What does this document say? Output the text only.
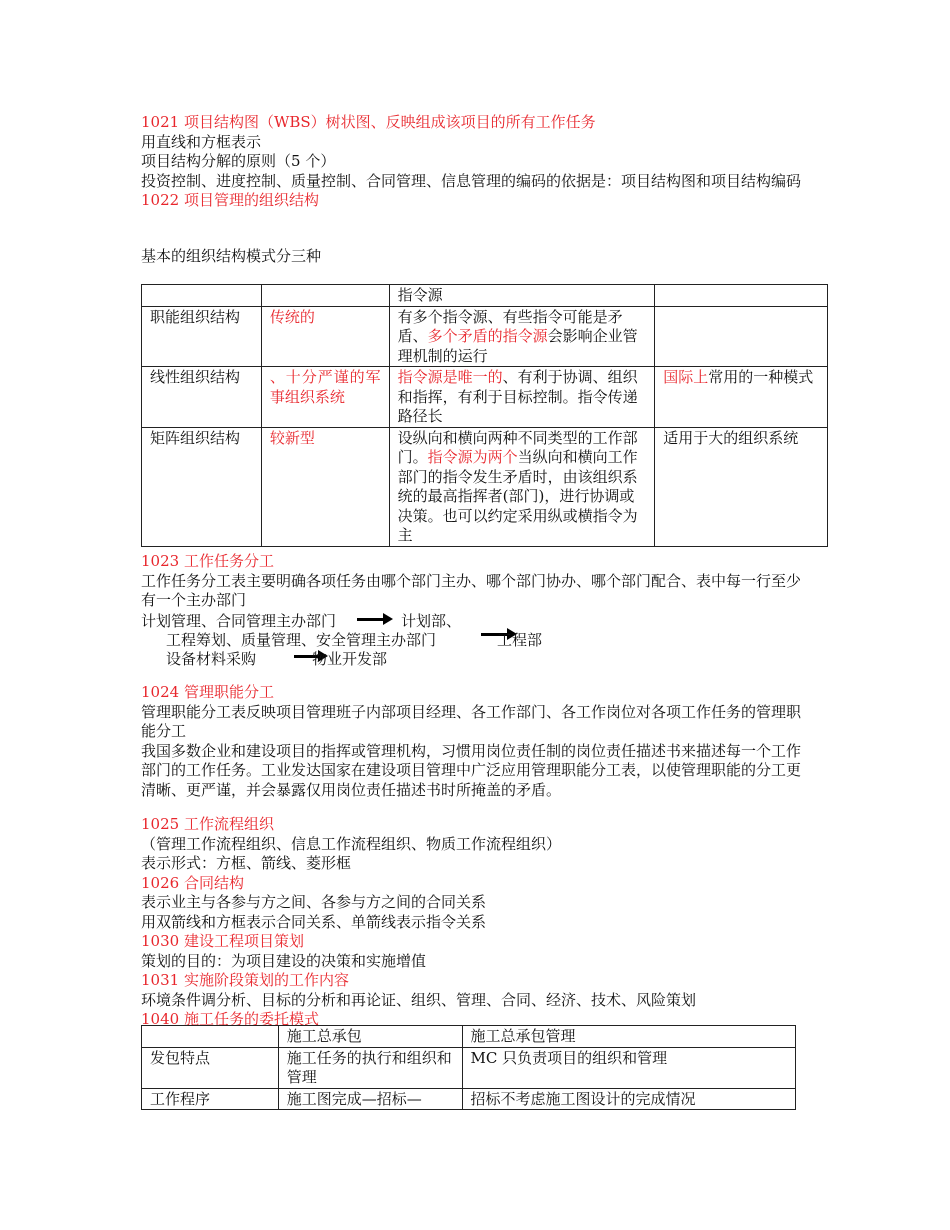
1021 项目结构图（WBS）树状图、反映组成该项目的所有工作任务
用直线和方框表示
项目结构分解的原则（5 个）
投资控制、进度控制、质量控制、合同管理、信息管理的编码的依据是：项目结构图和项目结构编码
1022 项目管理的组织结构
基本的组织结构模式分三种
		指令源	
职能组织结构	传统的	有多个指令源、有些指令可能是矛盾、多个矛盾的指令源会影响企业管理机制的运行	
线性组织结构	、十分严谨的军事组织系统	指令源是唯一的、有利于协调、组织和指挥，有利于目标控制。指令传递路径长	国际上常用的一种模式
矩阵组织结构	较新型	设纵向和横向两种不同类型的工作部门。指令源为两个当纵向和横向工作部门的指令发生矛盾时，由该组织系统的最高指挥者(部门)，进行协调或决策。也可以约定采用纵或横指令为主	适用于大的组织系统
1023 工作任务分工
工作任务分工表主要明确各项任务由哪个部门主办、哪个部门协办、哪个部门配合、表中每一行至少有一个主办部门
计划管理、合同管理主办部门	计划部、
工程筹划、质量管理、安全管理主办部门	工程部
设备材料采购	物业开发部
1024 管理职能分工
管理职能分工表反映项目管理班子内部项目经理、各工作部门、各工作岗位对各项工作任务的管理职能分工
我国多数企业和建设项目的指挥或管理机构，习惯用岗位责任制的岗位责任描述书来描述每一个工作部门的工作任务。工业发达国家在建设项目管理中广泛应用管理职能分工表，以使管理职能的分工更清晰、更严谨，并会暴露仅用岗位责任描述书时所掩盖的矛盾。
1025 工作流程组织
（管理工作流程组织、信息工作流程组织、物质工作流程组织）
表示形式：方框、箭线、菱形框
1026 合同结构
表示业主与各参与方之间、各参与方之间的合同关系
用双箭线和方框表示合同关系、单箭线表示指令关系
1030 建设工程项目策划
策划的目的：为项目建设的决策和实施增值
1031 实施阶段策划的工作内容
环境条件调分析、目标的分析和再论证、组织、管理、合同、经济、技术、风险策划
1040 施工任务的委托模式
	施工总承包	施工总承包管理
发包特点	施工任务的执行和组织和管理	MC 只负责项目的组织和管理
工作程序	施工图完成—招标—	招标不考虑施工图设计的完成情况
